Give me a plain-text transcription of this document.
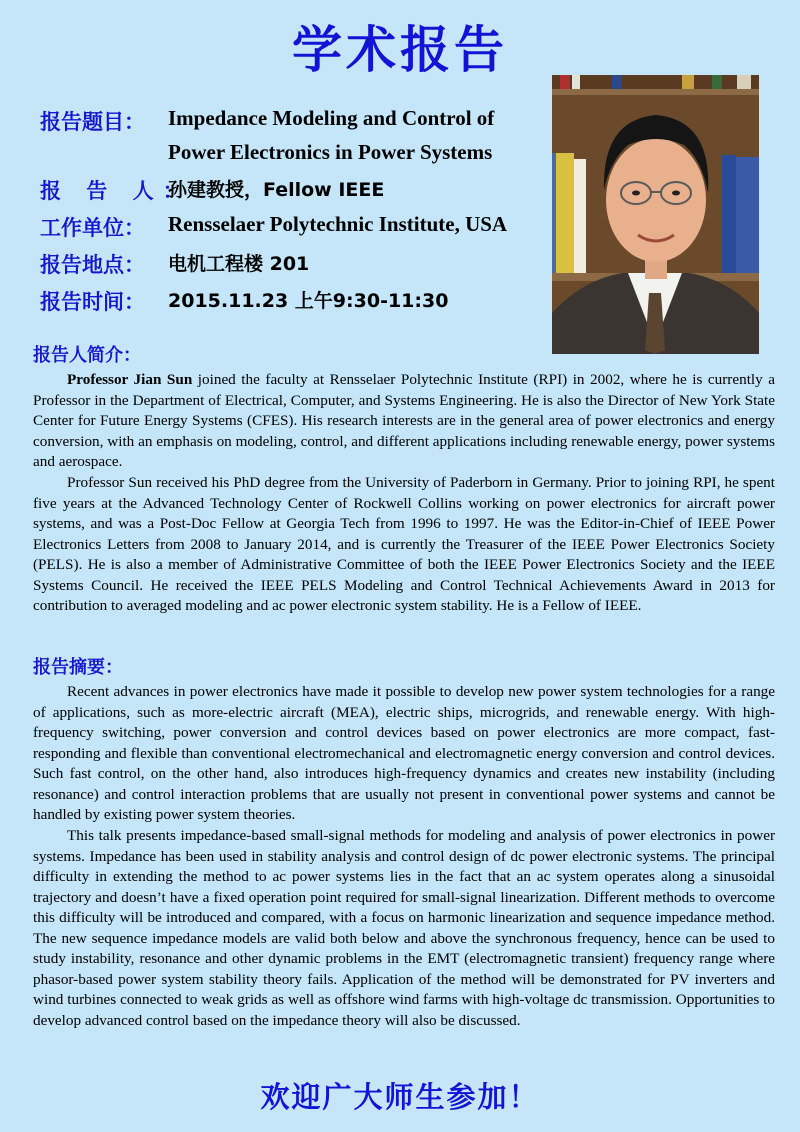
学术报告
报告题目：	Impedance Modeling and Control of
Power Electronics in Power Systems
报 告 人：
孙建教授，Fellow IEEE
工作单位：	Rensselaer Polytechnic Institute, USA
报告地点：	电机工程楼 201
报告时间：	2015.11.23 上午9:30-11:30
报告人简介：

Professor Jian Sun joined the faculty at Rensselaer Polytechnic Institute (RPI) in 2002, where he is currently a Professor in the Department of Electrical, Computer, and Systems Engineering. He is also the Director of New York State Center for Future Energy Systems (CFES). His research interests are in the general area of power electronics and energy conversion, with an emphasis on modeling, control, and different applications including renewable energy, power systems and aerospace.

Professor Sun received his PhD degree from the University of Paderborn in Germany. Prior to joining RPI, he spent five years at the Advanced Technology Center of Rockwell Collins working on power electronics for aircraft power systems, and was a Post-Doc Fellow at Georgia Tech from 1996 to 1997. He was the Editor-in-Chief of IEEE Power Electronics Letters from 2008 to January 2014, and is currently the Treasurer of the IEEE Power Electronics Society (PELS). He is also a member of Administrative Committee of both the IEEE Power Electronics Society and the IEEE Systems Council. He received the IEEE PELS Modeling and Control Technical Achievements Award in 2013 for contribution to averaged modeling and ac power electronic system stability. He is a Fellow of IEEE.

报告摘要：

Recent advances in power electronics have made it possible to develop new power system technologies for a range of applications, such as more-electric aircraft (MEA), electric ships, microgrids, and renewable energy. With high-frequency switching, power conversion and control devices based on power electronics are more compact, fast-responding and flexible than conventional electromechanical and electromagnetic energy conversion and control devices. Such fast control, on the other hand, also introduces high-frequency dynamics and creates new instability (including resonance) and control interaction problems that are usually not present in conventional power systems and cannot be handled by existing power system theories.

This talk presents impedance-based small-signal methods for modeling and analysis of power electronics in power systems. Impedance has been used in stability analysis and control design of dc power electronic systems. The principal difficulty in extending the method to ac power systems lies in the fact that an ac system operates along a sinusoidal trajectory and doesn’t have a fixed operation point required for small-signal linearization. Different methods to overcome this difficulty will be introduced and compared, with a focus on harmonic linearization and sequence impedance method. The new sequence impedance models are valid both below and above the synchronous frequency, hence can be used to study instability, resonance and other dynamic problems in the EMT (electromagnetic transient) frequency range where phasor-based power system stability theory fails. Application of the method will be demonstrated for PV inverters and wind turbines connected to weak grids as well as offshore wind farms with high-voltage dc transmission. Opportunities to develop advanced control based on the impedance theory will also be discussed.

欢迎广大师生参加！
